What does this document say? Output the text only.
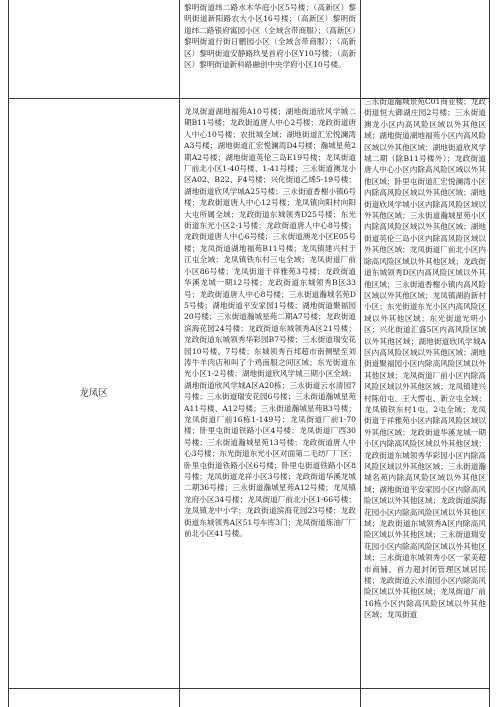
黎明街道纬二路水木华庭小区5号楼；（高新区）黎明街道新阳路农大小区16号楼；（高新区）黎明街道纬二路银府寓园小区（全域含带商服）；（高新区）黎明街道行街日鹏园小区（全域含带商服）；（高新区）黎明街道安静路玖旻首府小区Y10号楼；（高新区）黎明街道新科路融创中央学府小区10号楼。

龙凤区

龙凤街道湖地福苑A10号楼；湖地街道欣风学城二期B11号楼；龙政街道唐人中心2号楼；龙政街道唐人中心10号楼；农批城全域；湖地街道汇宏悦澜湾A3号楼；湖地街道汇宏悦澜湾D4号楼；瀚城星苑2期A2号楼；湖地街道英伦三岛E19号楼；龙凤街道厂前北小区1-40号楼、1-41号楼；三永街道澳龙小区A02、B22、F4号楼；兴化街道乙烯5-19号楼；湖地街道欣风学城A25号楼；三永街道香榭小镇6号楼；龙政街道唐人中心12号楼；龙凤镇向阳村向阳大屯所属全域；龙政街道东城领秀D25号楼；东光街道东光小区2-1号楼；龙政街道唐人中心8号楼；龙政街道唐人中心6号楼；三永街道澳龙小区E05号楼；龙凤街道湖地福苑B11号楼；龙凤镇建兴村于江屯全域；龙凤镇铁东村三屯全域；龙凤街道厂前小区86号楼；龙凤街道于祥雅苑3号楼；龙政街道华溪龙城一期12号楼；龙政街道东城领秀B区33号；龙政街道唐人中心8号楼；三永街道瀚城名苑D5号楼；湖地街道平安家园1号楼；湖地街道聚福园20号楼；三永街道瀚城星苑二期A7号楼；龙政街道滨海花园24号楼；龙政街道东城领秀A区21号楼；龙政街道东城领秀华彩园B7号楼；三永街道瑞安花园10号楼、7号楼；东城领秀百邦超市南侧壁至刘涛牛羊肉店和叫了个鸡南服之间区域；东光街道东光小区1-2号楼；湖地街道欣风学城三期小区全域；湖地街道欣风学城A区A20栋；三永街道云水清园7号楼；三永街道瑞安花园6号楼；三永街道瀚城星苑A11号楼、A12号楼；三永街道瀚城星苑B3号楼；龙凤街道厂前16栋1-149号；龙凤街道厂前1-70楼；卧里屯街道铁路小区4号楼；龙凤街道厂西30号楼；三永街道瀚城星苑13号楼；龙政街道唐人中心3号楼；东光街道东光小区对面第二毛纺厂厂区；卧里屯街道铁路小区6号楼；卧里屯街道铁路小区8号楼；龙凤街道龙祥小区3号楼；龙政街道华溪龙城二期36号楼；三永街道瀚城星苑A12号楼；龙凤镇龙府小区34号楼；龙凤街道厂前北小区1-66号楼；龙凤镇龙中小学；龙政街道滨海花园23号楼；龙政街道东城领秀A区51号车库3门；龙凤街道炼油厂厂前北小区41号楼。

三永街道瀚城景苑C01商业楼；龙政街道恒大御湖庄园2号楼；三永街道澳龙小区内高风险区域以外其他区域；湖地街道湖地福苑小区内高风险区域以外其他区域；湖地街道欣风学城二期（除B11号楼外）；龙政街道唐人中心小区内除高风险区域以外其他区域；卧里屯街道汇宏悦澜湾小区内除高风险区域以外其他区域；湖地街道欣风学城小区内除高风险区域以外其他区域；三永街道瀚城星苑小区内除高风险区域以外其他区域；湖地街道英伦三岛小区内除高风险区域以外其他区域；龙凤街道厂前北小区内除高风险区域以外其他区域；龙政街道东城领秀D区内高风险区域以外其他区域；三永街道香榭小镇内高风险区域以外其他区域；龙凤镇湖韵新村小区；东光街道东光小区内高风险区域以外其他区域；东光街道光明小区；兴化街道汇盛5区内高风险区域以外其他区域；湖地街道欣风学城A区内高风险区域以外其他区域；湖地街道聚福园小区内除高风险区域以外其他区域；龙凤街道厂前小区内除高风险区域以外其他区域；龙凤镇建兴村陈伯屯、王大愣屯、新立屯全域；龙凤镇铁东村1屯、2屯全域；龙凤街道于祥雅苑小区内除高风险区域以外其他区域；龙政街道华溪龙城一期小区内除高风险区域以外其他区域；龙政街道东城领秀华彩园小区内除高风险区域以外其他区域；三永街道瀚城名苑内除高风险区域以外其他区域；湖地街道平安家园小区内除高风险区域以外其他区域；龙政街道滨海花园小区内除高风险区域以外其他区域；龙政街道东城领秀A区内除高风险区域以外其他区域；三永街道瑞安花园小区内除高风险区域以外其他区域；三永街道东城领秀小区一家美超市商铺、首力超封闭管理区域居民楼；龙政街道云水清园小区内除高风险区域以外其他区域；龙凤街道厂前16栋小区内除高风险区域以外其他区域；龙凤街道
